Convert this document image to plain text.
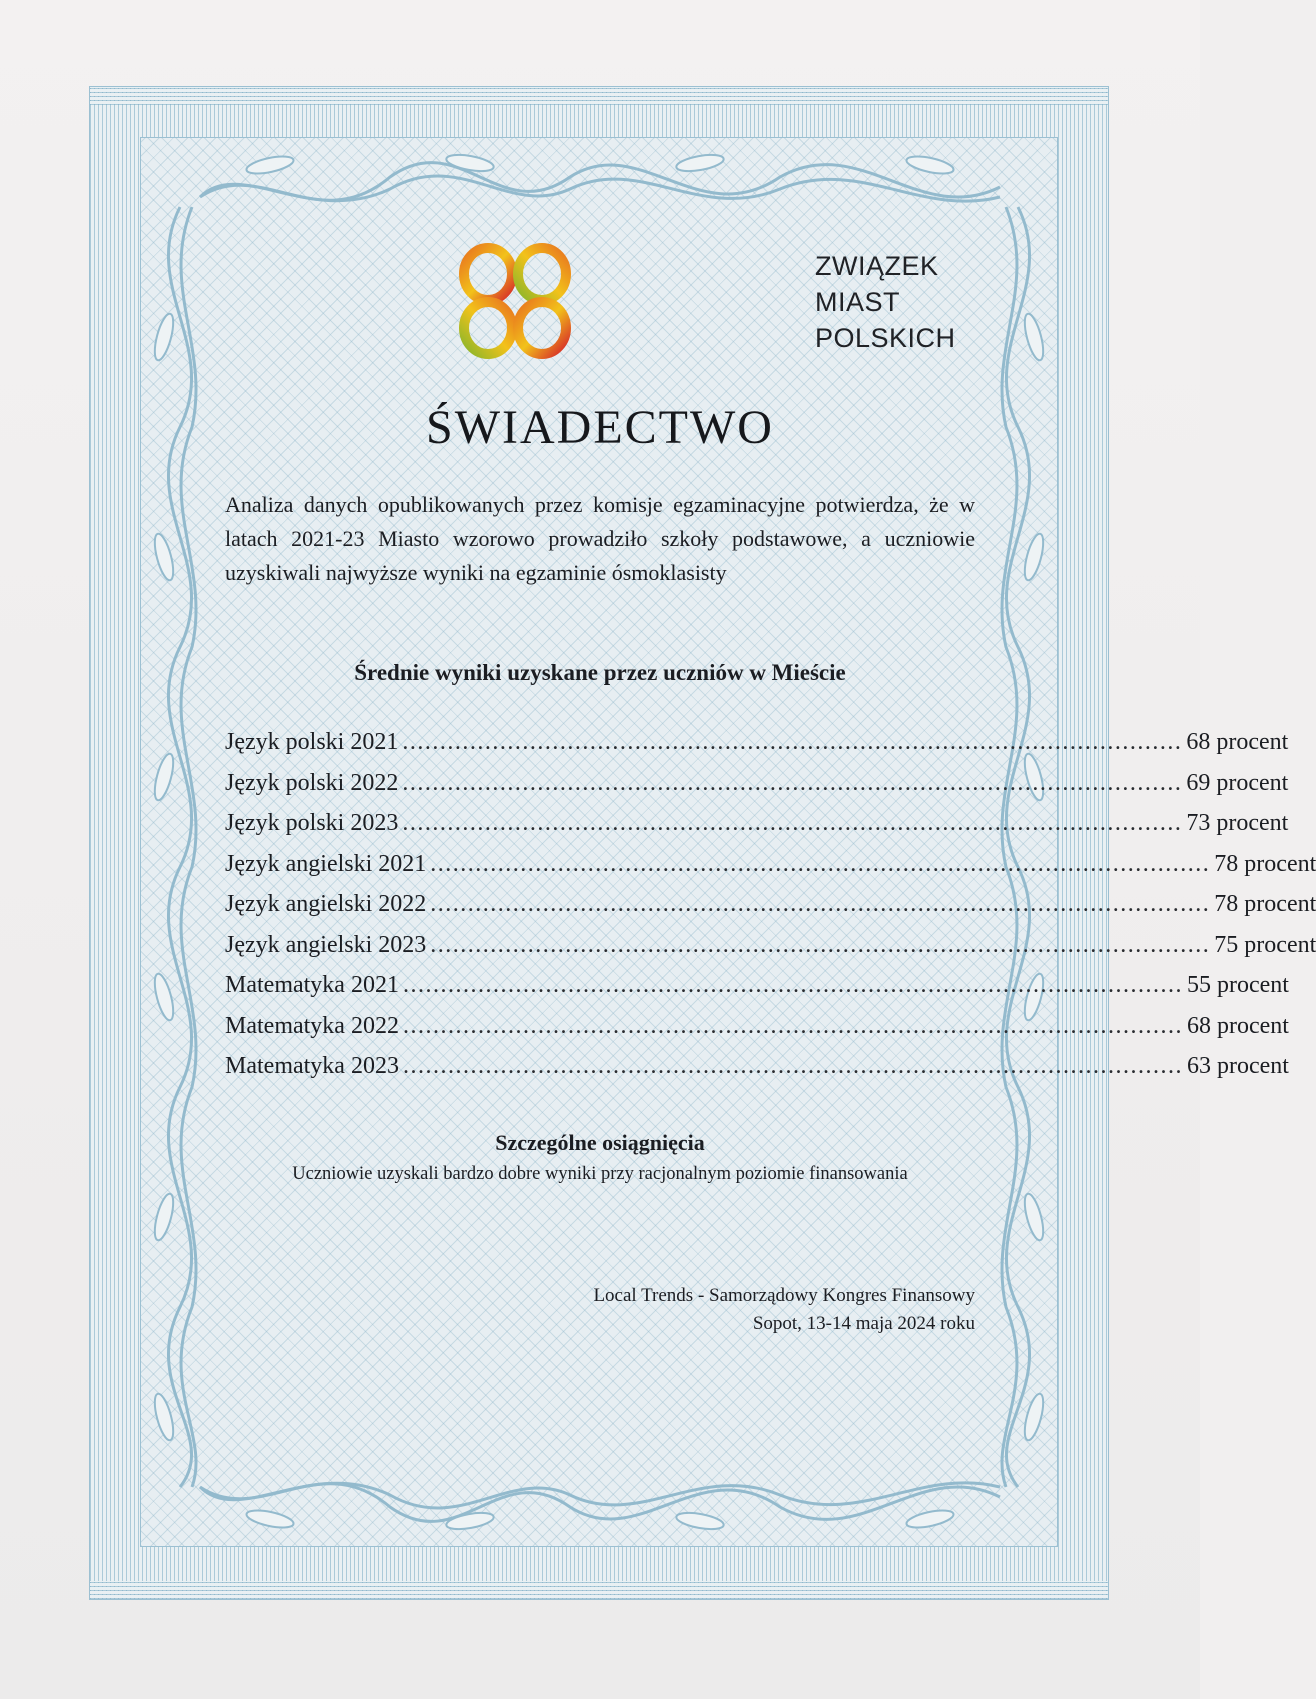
ZWIĄZEK
MIAST
POLSKICH
ŚWIADECTWO
Analiza danych opublikowanych przez komisje egzaminacyjne potwierdza, że w latach 2021-23 Miasto wzorowo prowadziło szkoły podstawowe, a uczniowie uzyskiwali najwyższe wyniki na egzaminie ósmoklasisty
Średnie wyniki uzyskane przez uczniów w Mieście
Język polski 2021 ........................................................................................................ 68 procent
Język polski 2022 ........................................................................................................ 69 procent
Język polski 2023 ........................................................................................................ 73 procent
Język angielski 2021 ........................................................................................................ 78 procent
Język angielski 2022 ........................................................................................................ 78 procent
Język angielski 2023 ........................................................................................................ 75 procent
Matematyka 2021 ........................................................................................................ 55 procent
Matematyka 2022 ........................................................................................................ 68 procent
Matematyka 2023 ........................................................................................................ 63 procent
Szczególne osiągnięcia
Uczniowie uzyskali bardzo dobre wyniki przy racjonalnym poziomie finansowania
Local Trends - Samorządowy Kongres Finansowy
Sopot, 13-14 maja 2024 roku
